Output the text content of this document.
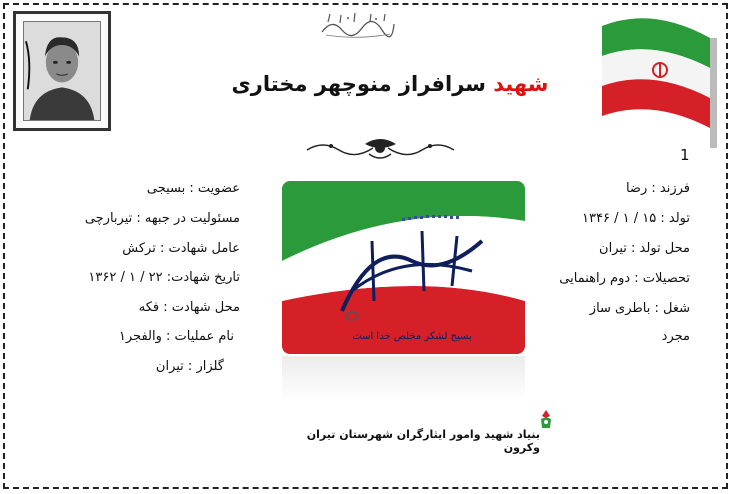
شهید سرافراز منوچهر مختاری
1
فرزند : رضا
تولد : ۱۵ / ۱ / ۱۳۴۶
محل تولد : تیران
تحصیلات : دوم راهنمایی
شغل : باطری ساز
مجرد
عضویت : بسیجی
مسئولیت در جبهه : تیربارچی
عامل شهادت : ترکش
تاریخ شهادت: ۲۲ / ۱ / ۱۳۶۲
محل شهادت : فکه
نام عملیات : والفجر۱
گلزار : تیران
بسیج لشکر مخلص خدا است
بنیاد شهید وامور ایثارگران شهرستان تیران وکرون
